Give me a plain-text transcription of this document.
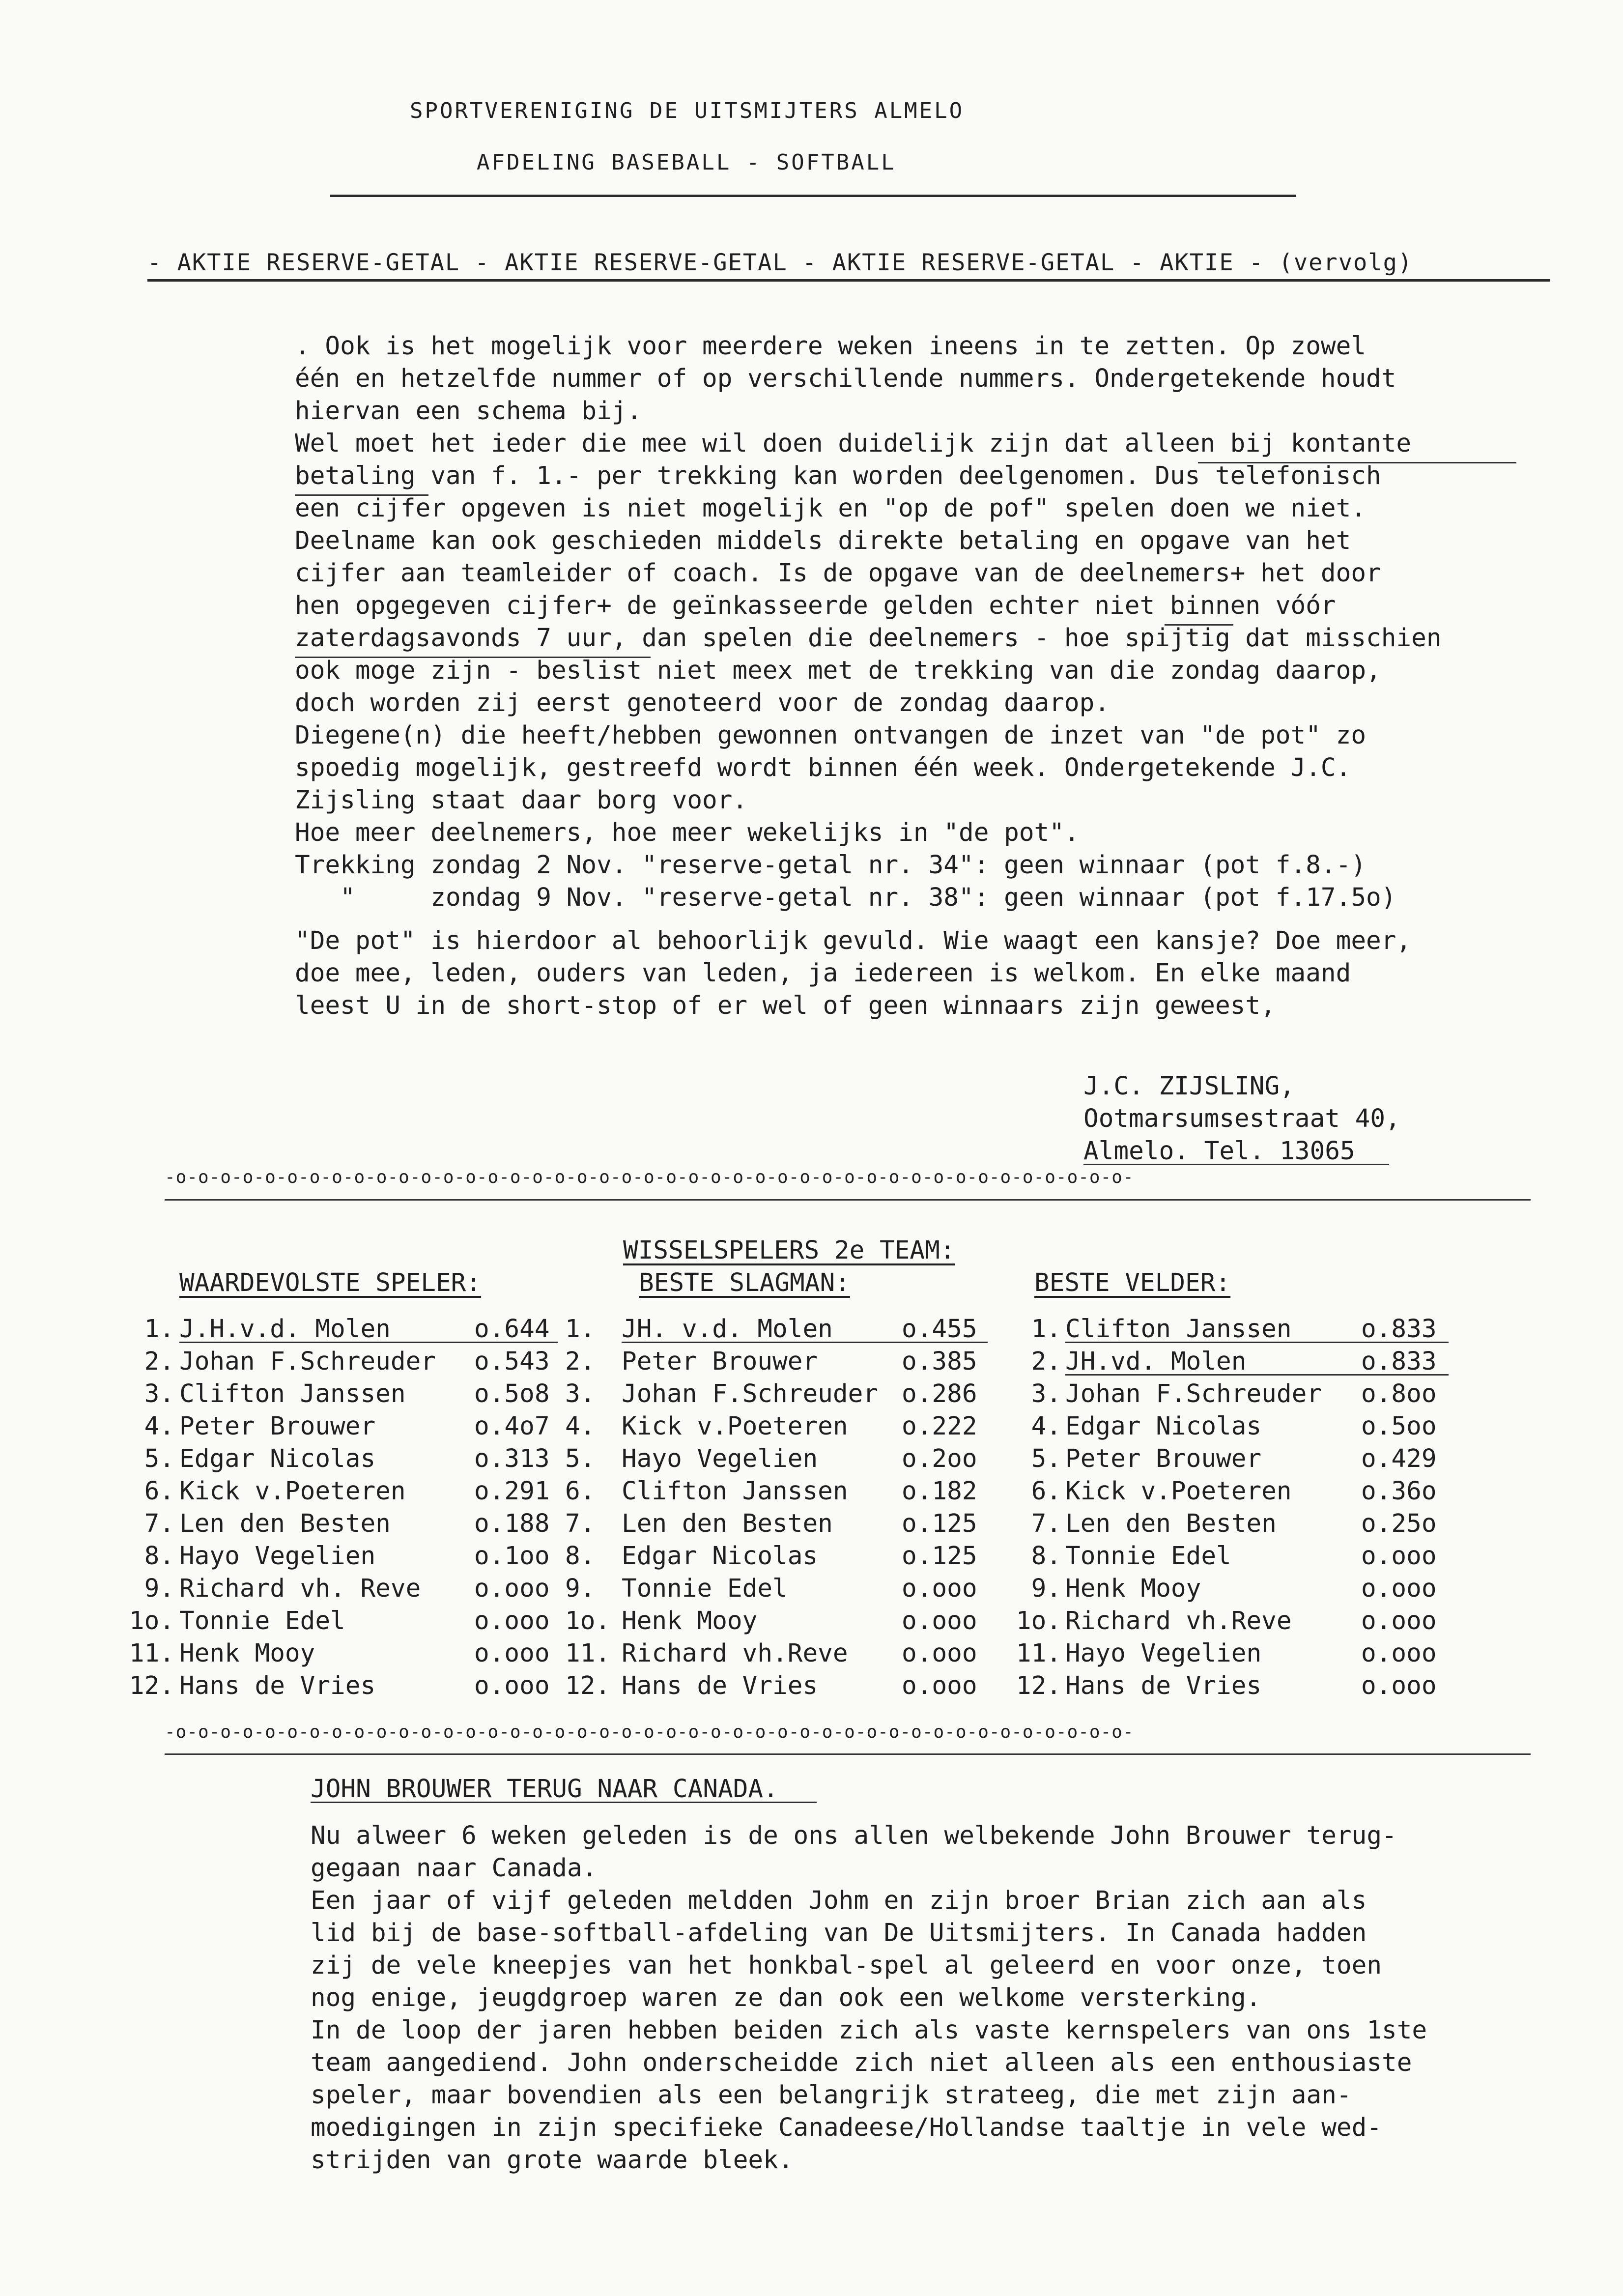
SPORTVERENIGING DE UITSMIJTERS ALMELO
AFDELING BASEBALL - SOFTBALL
- AKTIE RESERVE-GETAL - AKTIE RESERVE-GETAL - AKTIE RESERVE-GETAL - AKTIE - (vervolg)
. Ook is het mogelijk voor meerdere weken ineens in te zetten. Op zowel
één en hetzelfde nummer of op verschillende nummers. Ondergetekende houdt
hiervan een schema bij.
Wel moet het ieder die mee wil doen duidelijk zijn dat alleen bij kontante
betaling van f. 1.- per trekking kan worden deelgenomen. Dus telefonisch
een cijfer opgeven is niet mogelijk en "op de pof" spelen doen we niet.
Deelname kan ook geschieden middels direkte betaling en opgave van het
cijfer aan teamleider of coach. Is de opgave van de deelnemers+ het door
hen opgegeven cijfer+ de geïnkasseerde gelden echter niet binnen vóór
zaterdagsavonds 7 uur, dan spelen die deelnemers - hoe spijtig dat misschien
ook moge zijn - beslist niet meex met de trekking van die zondag daarop,
doch worden zij eerst genoteerd voor de zondag daarop.
Diegene(n) die heeft/hebben gewonnen ontvangen de inzet van "de pot" zo
spoedig mogelijk, gestreefd wordt binnen één week. Ondergetekende J.C.
Zijsling staat daar borg voor.
Hoe meer deelnemers, hoe meer wekelijks in "de pot".
Trekking zondag 2 Nov. "reserve-getal nr. 34": geen winnaar (pot f.8.-)
"     zondag 9 Nov. "reserve-getal nr. 38": geen winnaar (pot f.17.5o)
"De pot" is hierdoor al behoorlijk gevuld. Wie waagt een kansje? Doe meer,
doe mee, leden, ouders van leden, ja iedereen is welkom. En elke maand
leest U in de short-stop of er wel of geen winnaars zijn geweest,
J.C. ZIJSLING,
Ootmarsumsestraat 40,
Almelo. Tel. 13065
-o-o-o-o-o-o-o-o-o-o-o-o-o-o-o-o-o-o-o-o-o-o-o-o-o-o-o-o-o-o-o-o-o-o-o-o-o-o-o-o-o-o-o-
WISSELSPELERS 2e TEAM:
WAARDEVOLSTE SPELER:	BESTE SLAGMAN:	BESTE VELDER:
1. J.H.v.d. Molen	o.644 1.	JH. v.d. Molen	o.455	1. Clifton Janssen	o.833
2. Johan F.Schreuder	o.543 2.	Peter Brouwer	o.385	2. JH.vd. Molen	o.833
3. Clifton Janssen	o.5o8 3.	Johan F.Schreuder o.286	3. Johan F.Schreuder	o.8oo
4. Peter Brouwer	o.4o7 4.	Kick v.Poeteren	o.222	4. Edgar Nicolas	o.5oo
5. Edgar Nicolas	o.313 5.	Hayo Vegelien	o.2oo	5. Peter Brouwer	o.429
6. Kick v.Poeteren	o.291 6.	Clifton Janssen	o.182	6. Kick v.Poeteren	o.36o
7. Len den Besten	o.188 7.	Len den Besten	o.125	7. Len den Besten	o.25o
8. Hayo Vegelien	o.1oo 8.	Edgar Nicolas	o.125	8. Tonnie Edel	o.ooo
9. Richard vh. Reve	o.ooo 9.	Tonnie Edel	o.ooo	9. Henk Mooy	o.ooo
1o. Tonnie Edel	o.ooo 1o. Henk Mooy	o.ooo	1o. Richard vh.Reve	o.ooo
11. Henk Mooy	o.ooo 11. Richard vh.Reve	o.ooo	11. Hayo Vegelien	o.ooo
12. Hans de Vries	o.ooo 12. Hans de Vries	o.ooo	12. Hans de Vries	o.ooo
-o-o-o-o-o-o-o-o-o-o-o-o-o-o-o-o-o-o-o-o-o-o-o-o-o-o-o-o-o-o-o-o-o-o-o-o-o-o-o-o-o-o-o-
JOHN BROUWER TERUG NAAR CANADA.
Nu alweer 6 weken geleden is de ons allen welbekende John Brouwer terug-
gegaan naar Canada.
Een jaar of vijf geleden meldden Johm en zijn broer Brian zich aan als
lid bij de base-softball-afdeling van De Uitsmijters. In Canada hadden
zij de vele kneepjes van het honkbal-spel al geleerd en voor onze, toen
nog enige, jeugdgroep waren ze dan ook een welkome versterking.
In de loop der jaren hebben beiden zich als vaste kernspelers van ons 1ste
team aangediend. John onderscheidde zich niet alleen als een enthousiaste
speler, maar bovendien als een belangrijk strateeg, die met zijn aan-
moedigingen in zijn specifieke Canadeese/Hollandse taaltje in vele wed-
strijden van grote waarde bleek.
